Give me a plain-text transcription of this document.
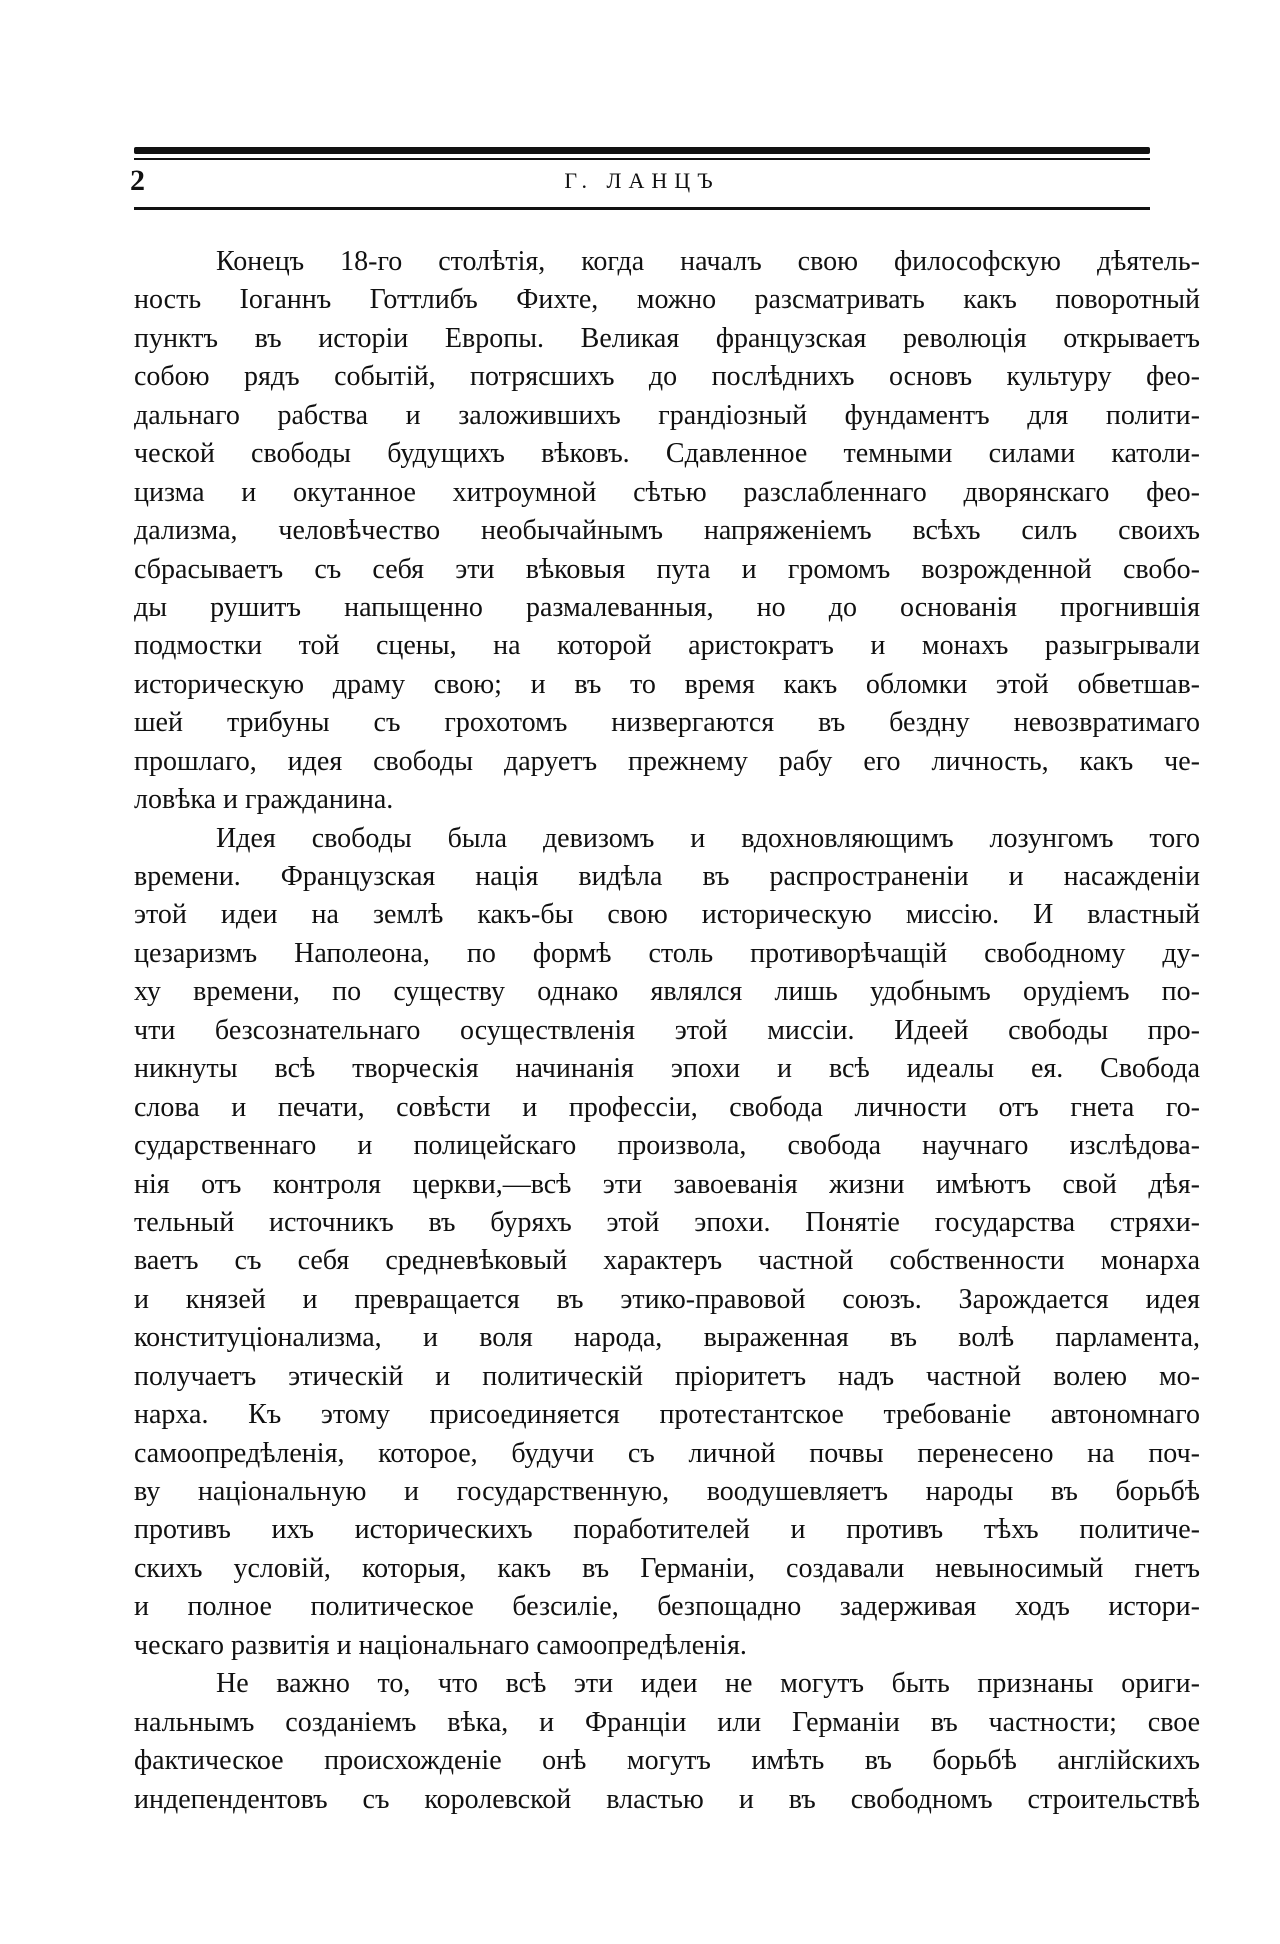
2	Г. ЛАНЦЪ
Конецъ 18-го столѣтія, когда началъ свою философскую дѣятель-
ность Іоганнъ Готтлибъ Фихте, можно разсматривать какъ поворотный
пунктъ въ исторіи Европы. Великая французская революція открываетъ
собою рядъ событій, потрясшихъ до послѣднихъ основъ культуру фео-
дальнаго рабства и заложившихъ грандіозный фундаментъ для полити-
ческой свободы будущихъ вѣковъ. Сдавленное темными силами католи-
цизма и окутанное хитроумной сѣтью разслабленнаго дворянскаго фео-
дализма, человѣчество необычайнымъ напряженіемъ всѣхъ силъ своихъ
сбрасываетъ съ себя эти вѣковыя пута и громомъ возрожденной свобо-
ды рушитъ напыщенно размалеванныя, но до основанія прогнившія
подмостки той сцены, на которой аристократъ и монахъ разыгрывали
историческую драму свою; и въ то время какъ обломки этой обветшав-
шей трибуны съ грохотомъ низвергаются въ бездну невозвратимаго
прошлаго, идея свободы даруетъ прежнему рабу его личность, какъ че-
ловѣка и гражданина.
Идея свободы была девизомъ и вдохновляющимъ лозунгомъ того
времени. Французская нація видѣла въ распространеніи и насажденіи
этой идеи на землѣ какъ-бы свою историческую миссію. И властный
цезаризмъ Наполеона, по формѣ столь противорѣчащій свободному ду-
ху времени, по существу однако являлся лишь удобнымъ орудіемъ по-
чти безсознательнаго осуществленія этой миссіи. Идеей свободы про-
никнуты всѣ творческія начинанія эпохи и всѣ идеалы ея. Свобода
слова и печати, совѣсти и профессіи, свобода личности отъ гнета го-
сударственнаго и полицейскаго произвола, свобода научнаго изслѣдова-
нія отъ контроля церкви,—всѣ эти завоеванія жизни имѣютъ свой дѣя-
тельный источникъ въ буряхъ этой эпохи. Понятіе государства стряхи-
ваетъ съ себя средневѣковый характеръ частной собственности монарха
и князей и превращается въ этико-правовой союзъ. Зарождается идея
конституціонализма, и воля народа, выраженная въ волѣ парламента,
получаетъ этическій и политическій пріоритетъ надъ частной волею мо-
нарха. Къ этому присоединяется протестантское требованіе автономнаго
самоопредѣленія, которое, будучи съ личной почвы перенесено на поч-
ву національную и государственную, воодушевляетъ народы въ борьбѣ
противъ ихъ историческихъ поработителей и противъ тѣхъ политиче-
скихъ условій, которыя, какъ въ Германіи, создавали невыносимый гнетъ
и полное политическое безсиліе, безпощадно задерживая ходъ истори-
ческаго развитія и національнаго самоопредѣленія.
Не важно то, что всѣ эти идеи не могутъ быть признаны ориги-
нальнымъ созданіемъ вѣка, и Франціи или Германіи въ частности; свое
фактическое происхожденіе онѣ могутъ имѣть въ борьбѣ англійскихъ
индепендентовъ съ королевской властью и въ свободномъ строительствѣ
